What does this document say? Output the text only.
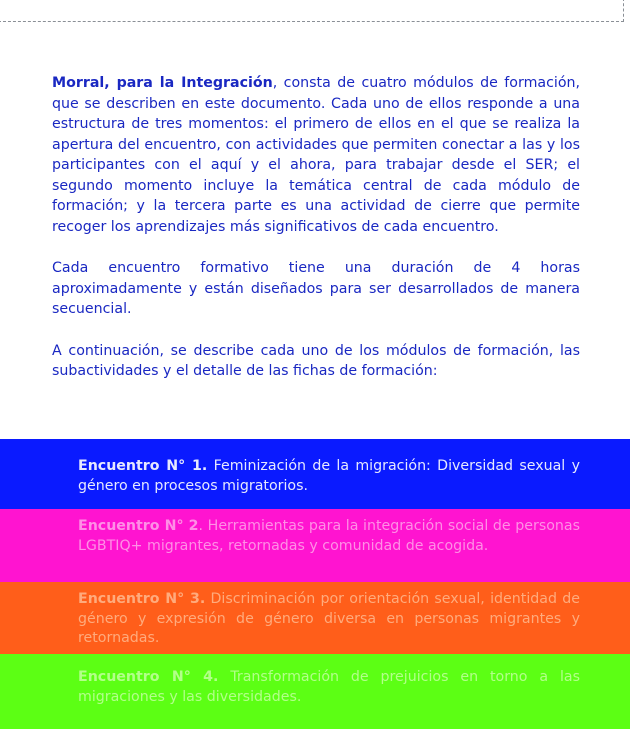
Morral, para la Integración, consta de cuatro módulos de formación, que se describen en este documento. Cada uno de ellos responde a una estructura de tres momentos: el primero de ellos en el que se realiza la apertura del encuentro, con actividades que permiten conectar a las y los participantes con el aquí y el ahora, para trabajar desde el SER; el segundo momento incluye la temática central de cada módulo de formación; y la tercera parte es una actividad de cierre que permite recoger los aprendizajes más significativos de cada encuentro.

Cada encuentro formativo tiene una duración de 4 horas aproximadamente y están diseñados para ser desarrollados de manera secuencial.

A continuación, se describe cada uno de los módulos de formación, las subactividades y el detalle de las fichas de formación:

Encuentro N° 1. Feminización de la migración: Diversidad sexual y género en procesos migratorios.
Encuentro N° 2. Herramientas para la integración social de personas LGBTIQ+ migrantes, retornadas y comunidad de acogida.
Encuentro N° 3. Discriminación por orientación sexual, identidad de género y expresión de género diversa en personas migrantes y retornadas.
Encuentro N° 4. Transformación de prejuicios en torno a las migraciones y las diversidades.
